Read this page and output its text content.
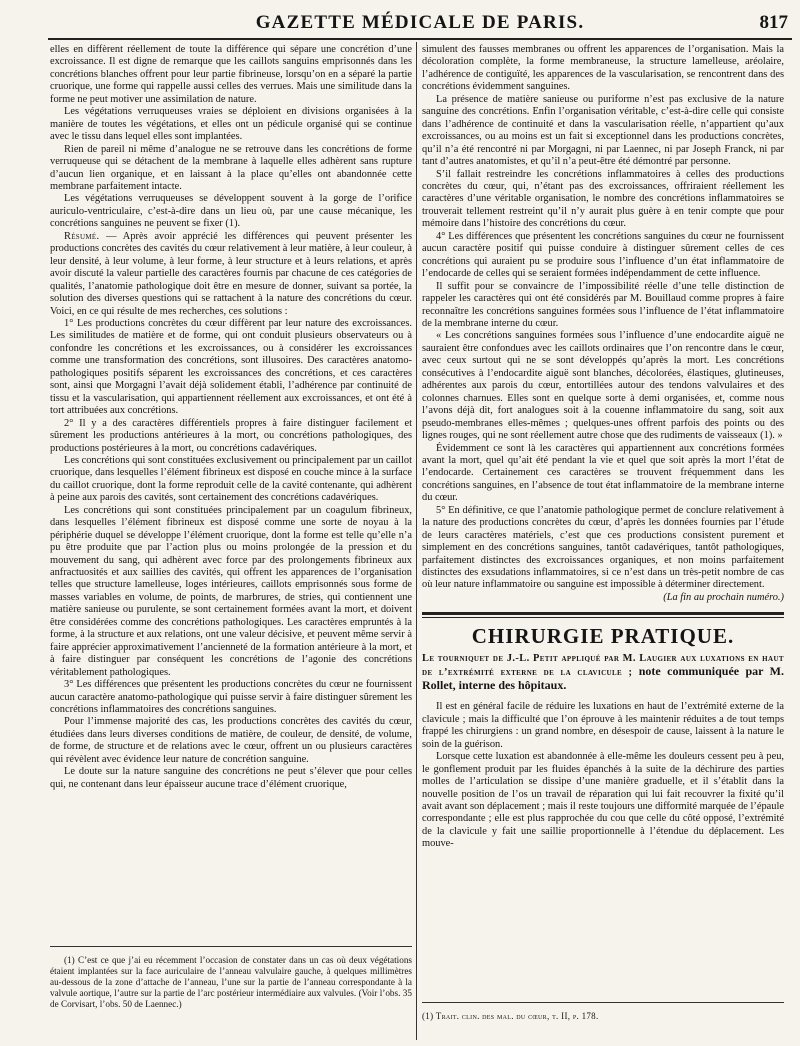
GAZETTE MÉDICALE DE PARIS.	817

elles en diffèrent réellement de toute la différence qui sépare une concrétion d’une excroissance. Il est digne de remarque que les caillots sanguins emprisonnés dans les concrétions blanches offrent pour leur partie fibrineuse, lorsqu’on en a séparé la partie cruorique, une forme qui rappelle aussi celles des verrues. Mais une similitude dans la forme ne peut motiver une assimilation de nature.

Les végétations verruqueuses vraies se déploient en divisions organisées à la manière de toutes les végétations, et elles ont un pédicule organisé qui se continue avec le tissu dans lequel elles sont implantées.

Rien de pareil ni même d’analogue ne se retrouve dans les concrétions de forme verruqueuse qui se détachent de la membrane à laquelle elles adhèrent sans rupture d’aucun lien organique, et en laissant à la place qu’elles ont abandonnée cette membrane parfaitement intacte.

Les végétations verruqueuses se développent souvent à la gorge de l’orifice auriculo-ventriculaire, c’est-à-dire dans un lieu où, par une cause mécanique, les concrétions sanguines ne peuvent se fixer (1).

Résumé. — Après avoir apprécié les différences qui peuvent présenter les productions concrètes des cavités du cœur relativement à leur matière, à leur couleur, à leur densité, à leur volume, à leur forme, à leur structure et à leurs relations, et après avoir discuté la valeur partielle des caractères fournis par chacune de ces catégories de qualités, l’anatomie pathologique doit être en mesure de donner, suivant sa portée, la solution des diverses questions qui se rattachent à la nature des concrétions du cœur. Voici, en ce qui résulte de mes recherches, ces solutions :

1° Les productions concrètes du cœur diffèrent par leur nature des excroissances. Les similitudes de matière et de forme, qui ont conduit plusieurs observateurs ou à confondre les concrétions et les excroissances, ou à considérer les excroissances comme une transformation des concrétions, sont illusoires. Des caractères anatomo-pathologiques positifs séparent les excroissances des concrétions, et ces caractères sont, ainsi que Morgagni l’avait déjà solidement établi, l’adhérence par continuité de tissu et la vascularisation, qui appartiennent réellement aux excroissances, et ont été à tort attribuées aux concrétions.

2° Il y a des caractères différentiels propres à faire distinguer facilement et sûrement les productions antérieures à la mort, ou concrétions pathologiques, des productions postérieures à la mort, ou concrétions cadavériques.

Les concrétions qui sont constituées exclusivement ou principalement par un caillot cruorique, dans lesquelles l’élément fibrineux est disposé en couche mince à la surface du caillot cruorique, dont la forme reproduit celle de la cavité contenante, qui adhèrent à peine aux parois des cavités, sont certainement des concrétions cadavériques.

Les concrétions qui sont constituées principalement par un coagulum fibrineux, dans lesquelles l’élément fibrineux est disposé comme une sorte de noyau à la périphérie duquel se développe l’élément cruorique, dont la forme est telle qu’elle n’a pu être produite que par l’action plus ou moins prolongée de la pression et du mouvement du sang, qui adhèrent avec force par des prolongements fibrineux aux anfractuosités et aux saillies des cavités, qui offrent les apparences de l’organisation telles que structure lamelleuse, loges intérieures, caillots emprisonnés sous forme de masses variables en volume, de points, de marbrures, de stries, qui contiennent une matière sanieuse ou purulente, se sont certainement formées avant la mort, et doivent être considérées comme des concrétions pathologiques. Les caractères empruntés à la forme, à la structure et aux relations, ont une valeur décisive, et peuvent même servir à faire apprécier approximativement l’ancienneté de la formation antérieure à la mort, et à faire distinguer par conséquent les concrétions de l’agonie des concrétions véritablement pathologiques.

3° Les différences que présentent les productions concrètes du cœur ne fournissent aucun caractère anatomo-pathologique qui puisse servir à faire distinguer sûrement les concrétions inflammatoires des concrétions sanguines.

Pour l’immense majorité des cas, les productions concrètes des cavités du cœur, étudiées dans leurs diverses conditions de matière, de couleur, de densité, de volume, de forme, de structure et de relations avec le cœur, offrent un ou plusieurs caractères qui révèlent avec évidence leur nature de concrétion sanguine.

Le doute sur la nature sanguine des concrétions ne peut s’élever que pour celles qui, ne contenant dans leur épaisseur aucune trace d’élément cruorique,

(1) C’est ce que j’ai eu récemment l’occasion de constater dans un cas où deux végétations étaient implantées sur la face auriculaire de l’anneau valvulaire gauche, à quelques millimètres au-dessous de la zone d’attache de l’anneau, l’une sur la partie de l’anneau correspondante à la valvule aortique, l’autre sur la partie de l’arc postérieur intermédiaire aux valvules. (Voir l’obs. 35 de Corvisart, l’obs. 50 de Laennec.)

simulent des fausses membranes ou offrent les apparences de l’organisation. Mais la décoloration complète, la forme membraneuse, la structure lamelleuse, aréolaire, l’adhérence de contiguïté, les apparences de la vascularisation, se rencontrent dans des concrétions évidemment sanguines.

La présence de matière sanieuse ou puriforme n’est pas exclusive de la nature sanguine des concrétions. Enfin l’organisation véritable, c’est-à-dire celle qui consiste dans l’adhérence de continuité et dans la vascularisation réelle, n’appartient qu’aux excroissances, ou au moins est un fait si exceptionnel dans les productions concrètes, qu’il n’a été rencontré ni par Morgagni, ni par Laennec, ni par Joseph Franck, ni par tant d’autres anatomistes, et qu’il n’a peut-être été démontré par personne.

S’il fallait restreindre les concrétions inflammatoires à celles des productions concrètes du cœur, qui, n’étant pas des excroissances, offriraient réellement les caractères d’une véritable organisation, le nombre des concrétions inflammatoires se trouverait tellement restreint qu’il n’y aurait plus guère à en tenir compte que pour mémoire dans l’histoire des concrétions du cœur.

4° Les différences que présentent les concrétions sanguines du cœur ne fournissent aucun caractère positif qui puisse conduire à distinguer sûrement celles de ces concrétions qui auraient pu se produire sous l’influence d’un état inflammatoire de l’endocarde de celles qui se seraient formées indépendamment de cette influence.

Il suffit pour se convaincre de l’impossibilité réelle d’une telle distinction de rappeler les caractères qui ont été considérés par M. Bouillaud comme propres à faire reconnaître les concrétions sanguines formées sous l’influence de l’état inflammatoire de la membrane interne du cœur.

« Les concrétions sanguines formées sous l’influence d’une endocardite aiguë ne sauraient être confondues avec les caillots ordinaires que l’on rencontre dans le cœur, avec ceux surtout qui ne se sont développés qu’après la mort. Les concrétions consécutives à l’endocardite aiguë sont blanches, décolorées, élastiques, glutineuses, adhérentes aux parois du cœur, entortillées autour des tendons valvulaires et des colonnes charnues. Elles sont en quelque sorte à demi organisées, et, comme nous l’avons déjà dit, fort analogues soit à la couenne inflammatoire du sang, soit aux pseudo-membranes elles-mêmes ; quelques-unes offrent parfois des points ou des lignes rouges, qui ne sont réellement autre chose que des rudiments de vaisseaux (1). »

Évidemment ce sont là les caractères qui appartiennent aux concrétions formées avant la mort, quel qu’ait été pendant la vie et quel que soit après la mort l’état de l’endocarde. Certainement ces caractères se trouvent fréquemment dans les concrétions sanguines, en l’absence de tout état inflammatoire de la membrane interne du cœur.

5° En définitive, ce que l’anatomie pathologique permet de conclure relativement à la nature des productions concrètes du cœur, d’après les données fournies par l’étude de leurs caractères matériels, c’est que ces productions consistent purement et simplement en des concrétions sanguines, tantôt cadavériques, tantôt pathologiques, parfaitement distinctes des excroissances organiques, et non moins parfaitement distinctes des exsudations inflammatoires, si ce n’est dans un très-petit nombre de cas où leur nature inflammatoire ou sanguine est impossible à déterminer directement.

(La fin au prochain numéro.)

CHIRURGIE PRATIQUE.

Le tourniquet de J.-L. Petit appliqué par M. Laugier aux luxations en haut de l’extrémité externe de la clavicule ; note communiquée par M. Rollet, interne des hôpitaux.

Il est en général facile de réduire les luxations en haut de l’extrémité externe de la clavicule ; mais la difficulté que l’on éprouve à les maintenir réduites a de tout temps frappé les chirurgiens : un grand nombre, en désespoir de cause, laissent à la nature le soin de la guérison.

Lorsque cette luxation est abandonnée à elle-même les douleurs cessent peu à peu, le gonflement produit par les fluides épanchés à la suite de la déchirure des parties molles de l’articulation se dissipe d’une manière graduelle, et il s’établit dans la nouvelle position de l’os un travail de réparation qui lui fait recouvrer la fixité qu’il avait avant son déplacement ; mais il reste toujours une difformité marquée de l’épaule correspondante ; elle est plus rapprochée du cou que celle du côté opposé, l’extrémité de la clavicule y fait une saillie proportionnelle à l’étendue du déplacement. Les mouve-

(1) Trait. clin. des mal. du cœur, t. II, p. 178.
